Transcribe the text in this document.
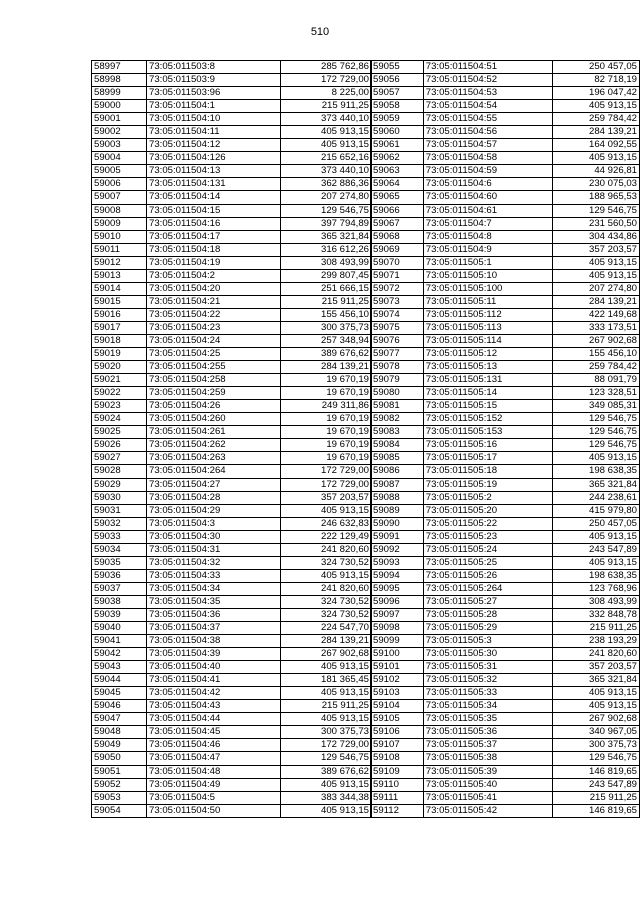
510
58997	73:05:011503:8	285 762,86
58998	73:05:011503:9	172 729,00
58999	73:05:011503:96	8 225,00
59000	73:05:011504:1	215 911,25
59001	73:05:011504:10	373 440,10
59002	73:05:011504:11	405 913,15
59003	73:05:011504:12	405 913,15
59004	73:05:011504:126	215 652,16
59005	73:05:011504:13	373 440,10
59006	73:05:011504:131	362 886,36
59007	73:05:011504:14	207 274,80
59008	73:05:011504:15	129 546,75
59009	73:05:011504:16	397 794,89
59010	73:05:011504:17	365 321,84
59011	73:05:011504:18	316 612,26
59012	73:05:011504:19	308 493,99
59013	73:05:011504:2	299 807,45
59014	73:05:011504:20	251 666,15
59015	73:05:011504:21	215 911,25
59016	73:05:011504:22	155 456,10
59017	73:05:011504:23	300 375,73
59018	73:05:011504:24	257 348,94
59019	73:05:011504:25	389 676,62
59020	73:05:011504:255	284 139,21
59021	73:05:011504:258	19 670,19
59022	73:05:011504:259	19 670,19
59023	73:05:011504:26	249 311,86
59024	73:05:011504:260	19 670,19
59025	73:05:011504:261	19 670,19
59026	73:05:011504:262	19 670,19
59027	73:05:011504:263	19 670,19
59028	73:05:011504:264	172 729,00
59029	73:05:011504:27	172 729,00
59030	73:05:011504:28	357 203,57
59031	73:05:011504:29	405 913,15
59032	73:05:011504:3	246 632,83
59033	73:05:011504:30	222 129,49
59034	73:05:011504:31	241 820,60
59035	73:05:011504:32	324 730,52
59036	73:05:011504:33	405 913,15
59037	73:05:011504:34	241 820,60
59038	73:05:011504:35	324 730,52
59039	73:05:011504:36	324 730,52
59040	73:05:011504:37	224 547,70
59041	73:05:011504:38	284 139,21
59042	73:05:011504:39	267 902,68
59043	73:05:011504:40	405 913,15
59044	73:05:011504:41	181 365,45
59045	73:05:011504:42	405 913,15
59046	73:05:011504:43	215 911,25
59047	73:05:011504:44	405 913,15
59048	73:05:011504:45	300 375,73
59049	73:05:011504:46	172 729,00
59050	73:05:011504:47	129 546,75
59051	73:05:011504:48	389 676,62
59052	73:05:011504:49	405 913,15
59053	73:05:011504:5	383 344,38
59054	73:05:011504:50	405 913,15
59055	73:05:011504:51	250 457,05
59056	73:05:011504:52	82 718,19
59057	73:05:011504:53	196 047,42
59058	73:05:011504:54	405 913,15
59059	73:05:011504:55	259 784,42
59060	73:05:011504:56	284 139,21
59061	73:05:011504:57	164 092,55
59062	73:05:011504:58	405 913,15
59063	73:05:011504:59	44 926,81
59064	73:05:011504:6	230 075,03
59065	73:05:011504:60	188 965,53
59066	73:05:011504:61	129 546,75
59067	73:05:011504:7	231 560,50
59068	73:05:011504:8	304 434,86
59069	73:05:011504:9	357 203,57
59070	73:05:011505:1	405 913,15
59071	73:05:011505:10	405 913,15
59072	73:05:011505:100	207 274,80
59073	73:05:011505:11	284 139,21
59074	73:05:011505:112	422 149,68
59075	73:05:011505:113	333 173,51
59076	73:05:011505:114	267 902,68
59077	73:05:011505:12	155 456,10
59078	73:05:011505:13	259 784,42
59079	73:05:011505:131	88 091,79
59080	73:05:011505:14	123 328,51
59081	73:05:011505:15	349 085,31
59082	73:05:011505:152	129 546,75
59083	73:05:011505:153	129 546,75
59084	73:05:011505:16	129 546,75
59085	73:05:011505:17	405 913,15
59086	73:05:011505:18	198 638,35
59087	73:05:011505:19	365 321,84
59088	73:05:011505:2	244 238,61
59089	73:05:011505:20	415 979,80
59090	73:05:011505:22	250 457,05
59091	73:05:011505:23	405 913,15
59092	73:05:011505:24	243 547,89
59093	73:05:011505:25	405 913,15
59094	73:05:011505:26	198 638,35
59095	73:05:011505:264	123 768,96
59096	73:05:011505:27	308 493,99
59097	73:05:011505:28	332 848,78
59098	73:05:011505:29	215 911,25
59099	73:05:011505:3	238 193,29
59100	73:05:011505:30	241 820,60
59101	73:05:011505:31	357 203,57
59102	73:05:011505:32	365 321,84
59103	73:05:011505:33	405 913,15
59104	73:05:011505:34	405 913,15
59105	73:05:011505:35	267 902,68
59106	73:05:011505:36	340 967,05
59107	73:05:011505:37	300 375,73
59108	73:05:011505:38	129 546,75
59109	73:05:011505:39	146 819,65
59110	73:05:011505:40	243 547,89
59111	73:05:011505:41	215 911,25
59112	73:05:011505:42	146 819,65
